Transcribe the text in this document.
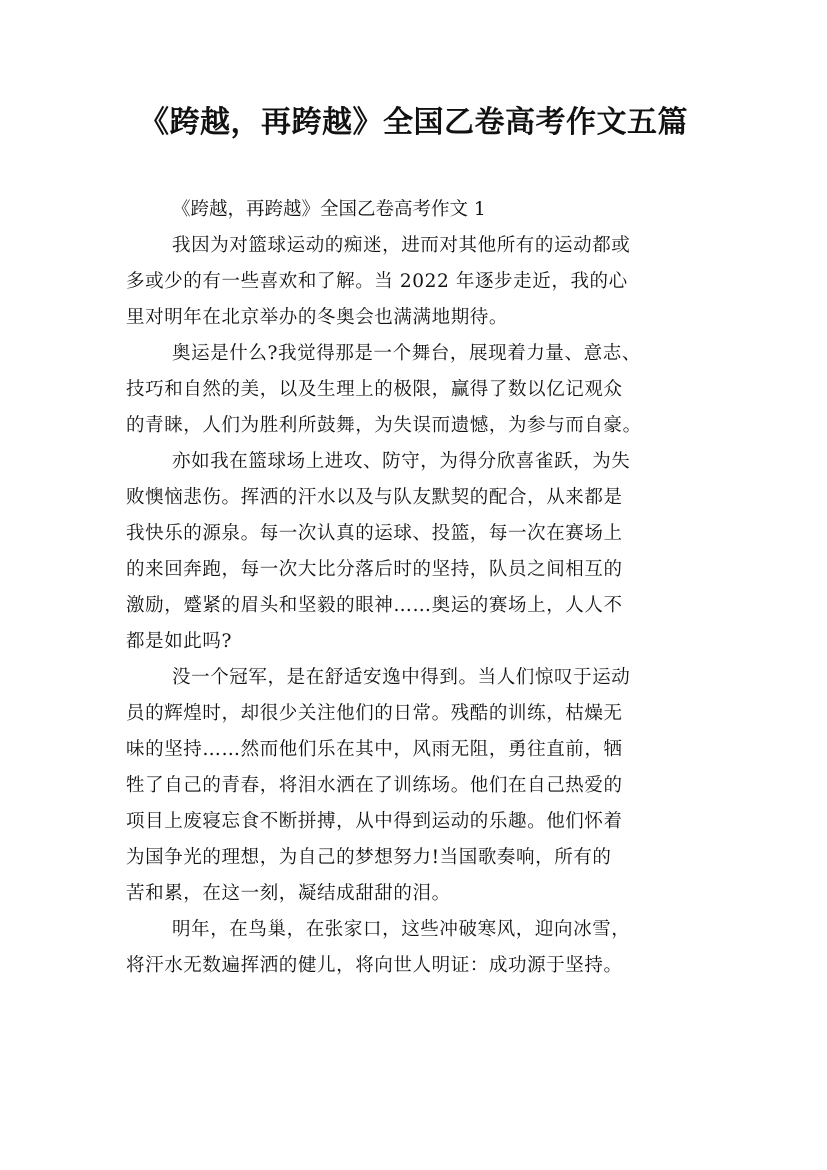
《跨越，再跨越》全国乙卷高考作文五篇

《跨越，再跨越》全国乙卷高考作文 1

我因为对篮球运动的痴迷，进而对其他所有的运动都或
多或少的有一些喜欢和了解。当 2022 年逐步走近，我的心
里对明年在北京举办的冬奥会也满满地期待。

奥运是什么?我觉得那是一个舞台，展现着力量、意志、
技巧和自然的美，以及生理上的极限，赢得了数以亿记观众
的青睐，人们为胜利所鼓舞，为失误而遗憾，为参与而自豪。

亦如我在篮球场上进攻、防守，为得分欣喜雀跃，为失
败懊恼悲伤。挥洒的汗水以及与队友默契的配合，从来都是
我快乐的源泉。每一次认真的运球、投篮，每一次在赛场上
的来回奔跑，每一次大比分落后时的坚持，队员之间相互的
激励，蹙紧的眉头和坚毅的眼神……奥运的赛场上，人人不
都是如此吗?

没一个冠军，是在舒适安逸中得到。当人们惊叹于运动
员的辉煌时，却很少关注他们的日常。残酷的训练，枯燥无
味的坚持……然而他们乐在其中，风雨无阻，勇往直前，牺
牲了自己的青春，将泪水洒在了训练场。他们在自己热爱的
项目上废寝忘食不断拼搏，从中得到运动的乐趣。他们怀着
为国争光的理想，为自己的梦想努力!当国歌奏响，所有的
苦和累，在这一刻，凝结成甜甜的泪。

明年，在鸟巢，在张家口，这些冲破寒风，迎向冰雪，
将汗水无数遍挥洒的健儿，将向世人明证：成功源于坚持。
